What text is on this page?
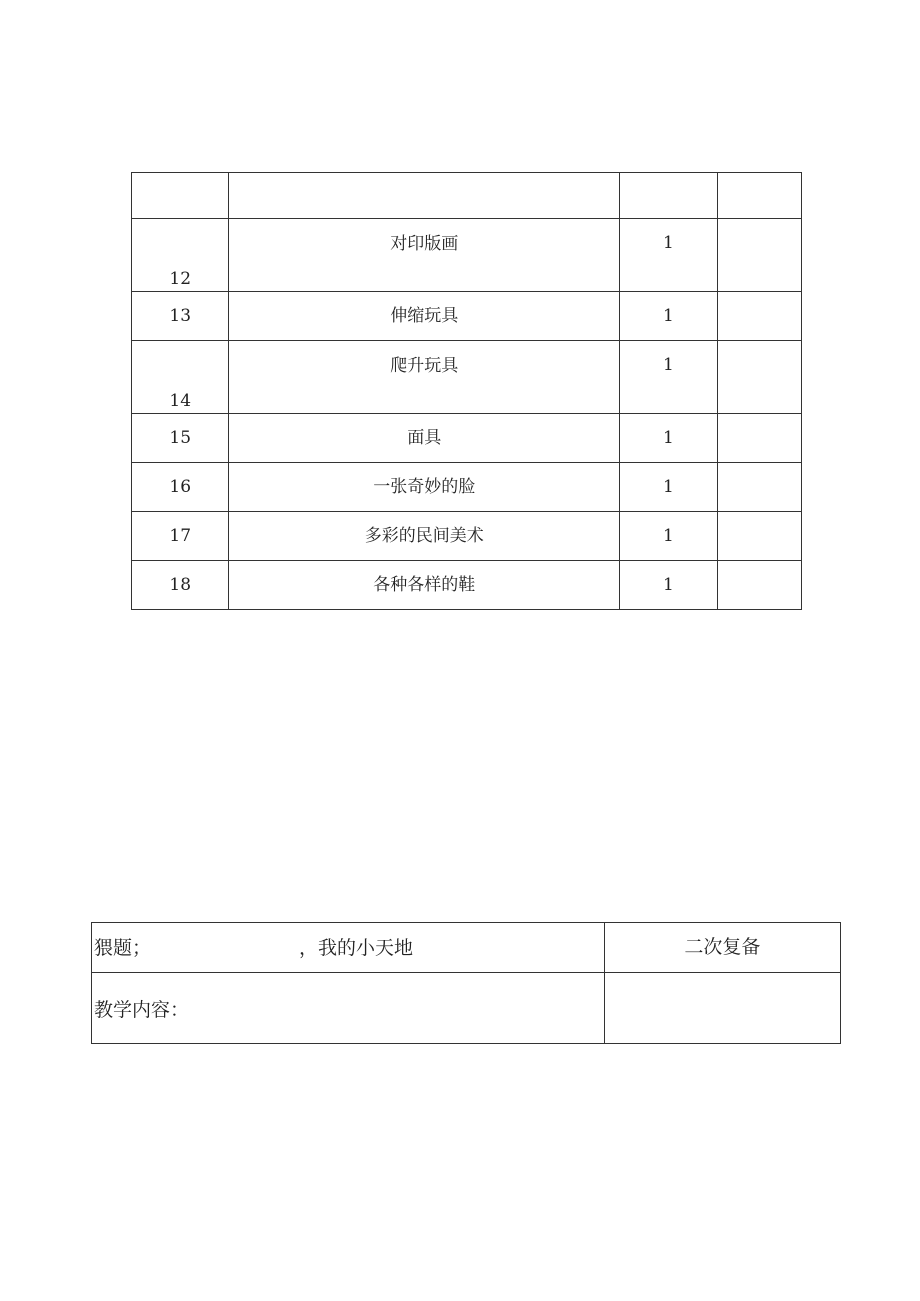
12	对印版画	1	

13	伸缩玩具	1	

14	爬升玩具	1	

15	面具	1	
16	一张奇妙的脸	1	
17	多彩的民间美术	1	
18	各种各样的鞋	1	
猥题； ，我的小天地	二次复备

教学内容：	
